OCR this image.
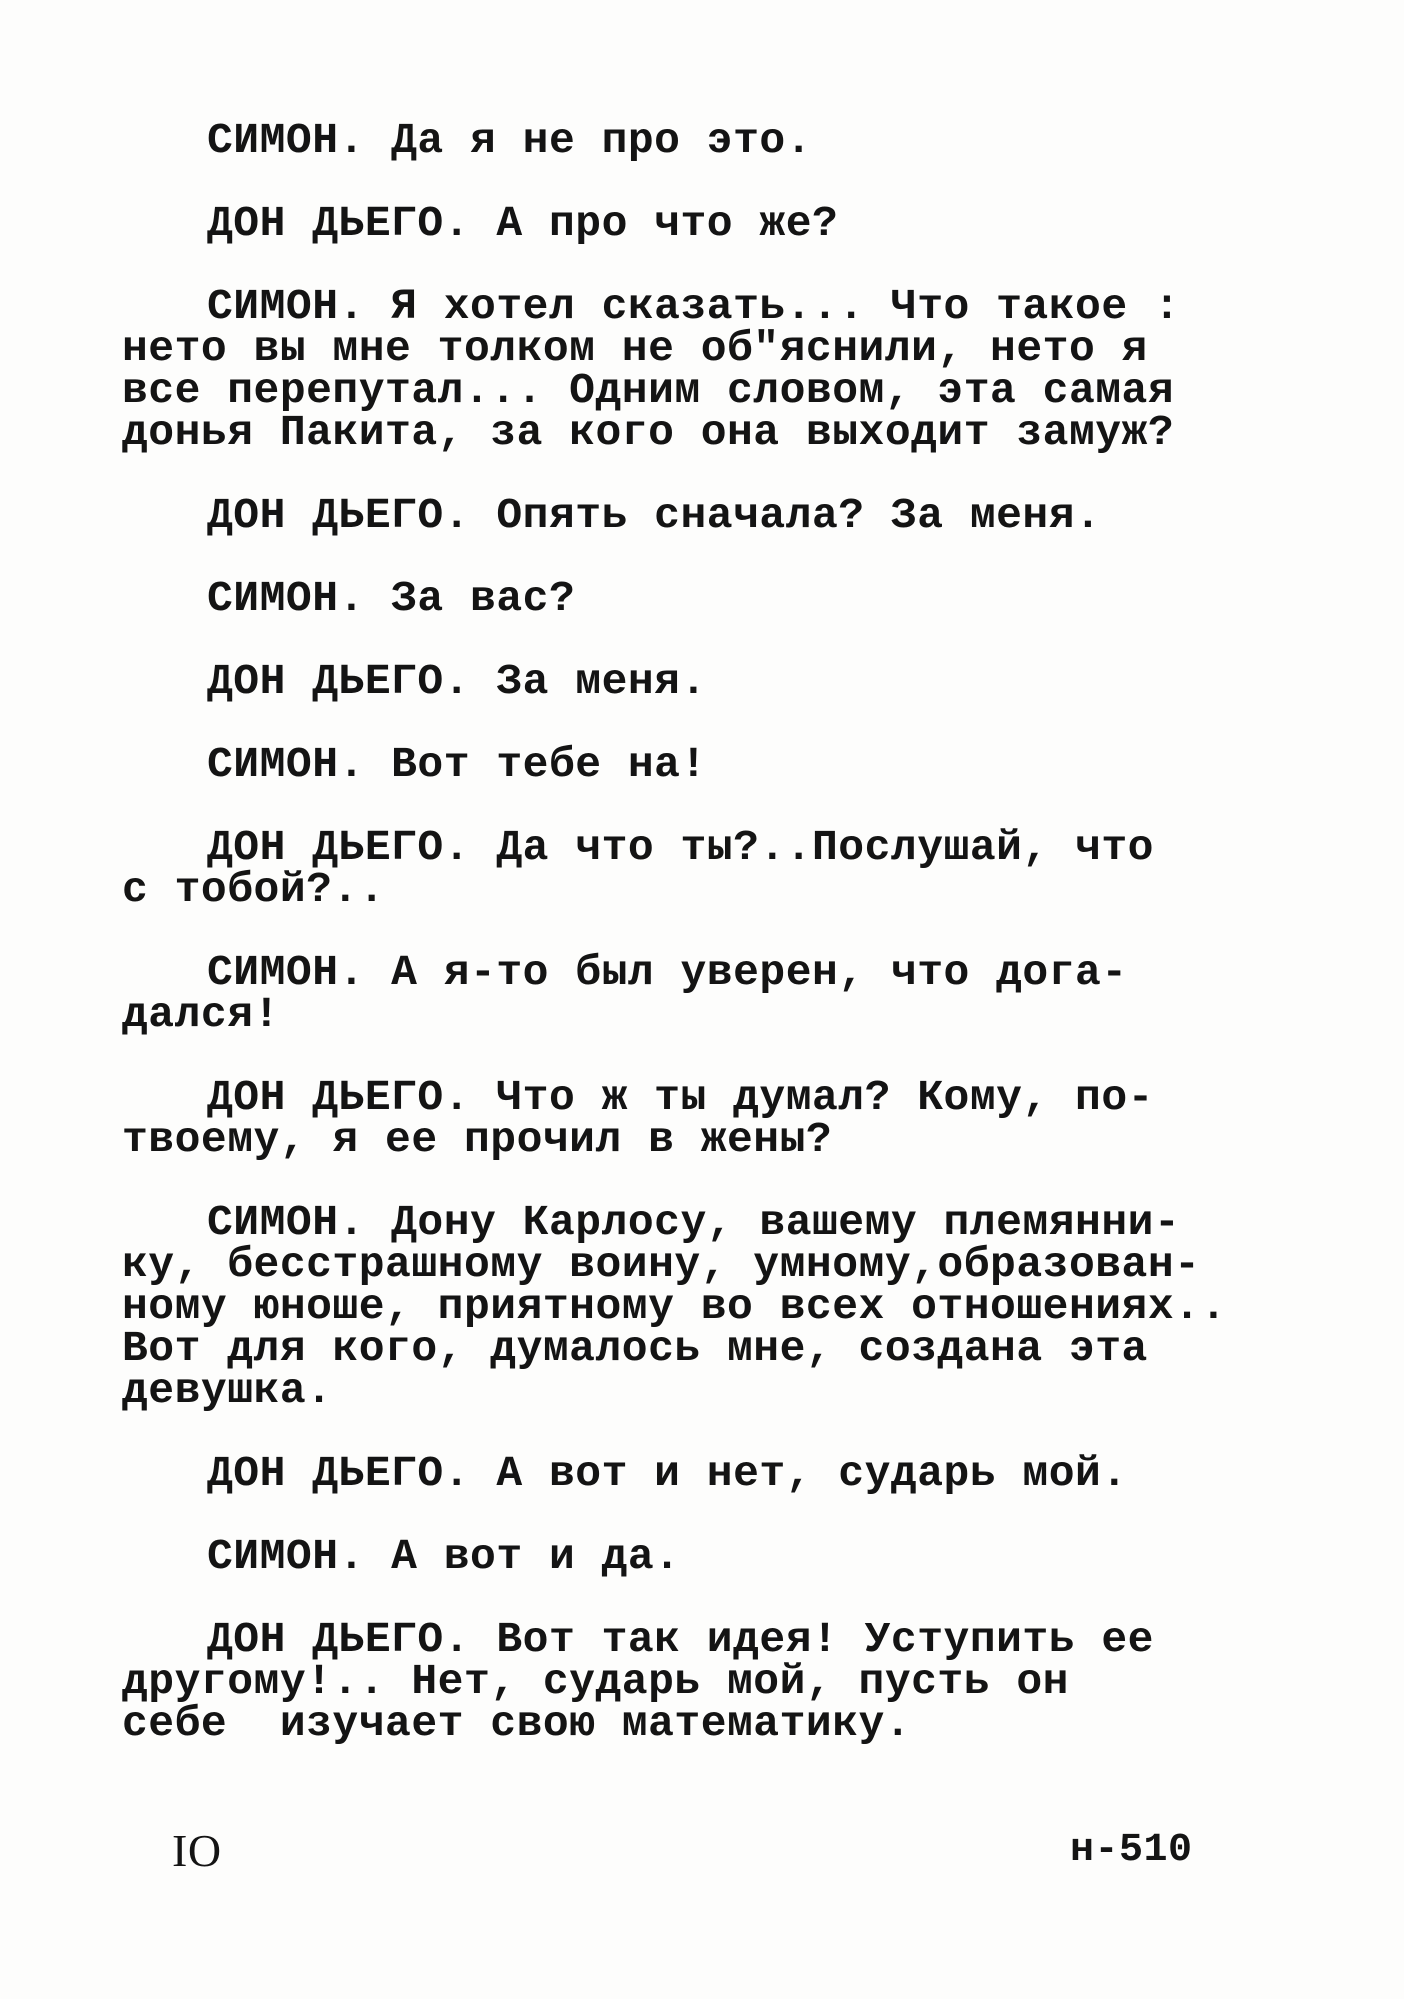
СИМОН. Да я не про это.

ДОН ДЬЕГО. А про что же?

СИМОН. Я хотел сказать... Что такое :
нето вы мне толком не об"яснили, нето я
все перепутал... Одним словом, эта самая
донья Пакита, за кого она выходит замуж?

ДОН ДЬЕГО. Опять сначала? За меня.

СИМОН. За вас?

ДОН ДЬЕГО. За меня.

СИМОН. Вот тебе на!

ДОН ДЬЕГО. Да что ты?..Послушай, что
с тобой?..

СИМОН. А я-то был уверен, что дога-
дался!

ДОН ДЬЕГО. Что ж ты думал? Кому, по-
твоему, я ее прочил в жены?

СИМОН. Дону Карлосу, вашему племянни-
ку, бесстрашному воину, умному,образован-
ному юноше, приятному во всех отношениях..
Вот для кого, думалось мне, создана эта
девушка.

ДОН ДЬЕГО. А вот и нет, сударь мой.

СИМОН. А вот и да.

ДОН ДЬЕГО. Вот так идея! Уступить ее
другому!.. Нет, сударь мой, пусть он
себе  изучает свою математику.

IO	н-510
